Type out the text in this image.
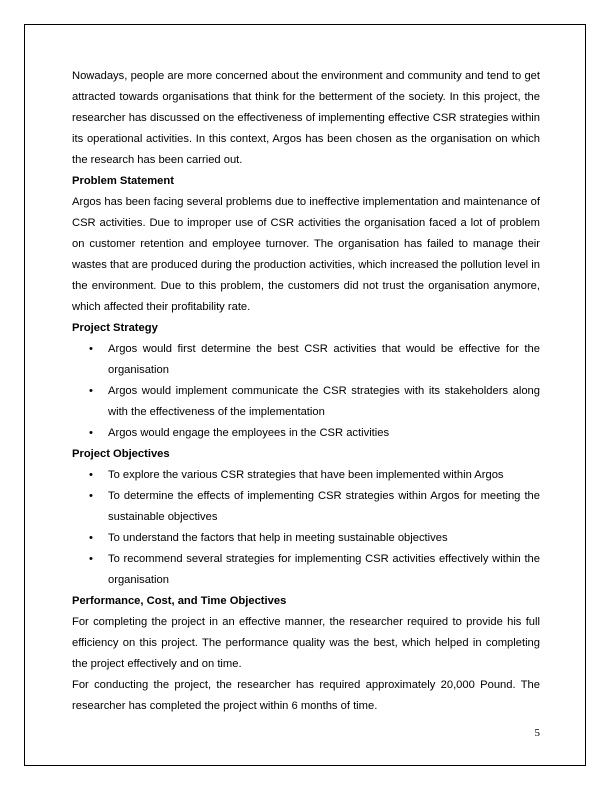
Nowadays, people are more concerned about the environment and community and tend to get attracted towards organisations that think for the betterment of the society. In this project, the researcher has discussed on the effectiveness of implementing effective CSR strategies within its operational activities. In this context, Argos has been chosen as the organisation on which the research has been carried out.

Problem Statement

Argos has been facing several problems due to ineffective implementation and maintenance of CSR activities. Due to improper use of CSR activities the organisation faced a lot of problem on customer retention and employee turnover. The organisation has failed to manage their wastes that are produced during the production activities, which increased the pollution level in the environment. Due to this problem, the customers did not trust the organisation anymore, which affected their profitability rate.

Project Strategy

• Argos would first determine the best CSR activities that would be effective for the organisation
• Argos would implement communicate the CSR strategies with its stakeholders along with the effectiveness of the implementation
• Argos would engage the employees in the CSR activities

Project Objectives

• To explore the various CSR strategies that have been implemented within Argos
• To determine the effects of implementing CSR strategies within Argos for meeting the sustainable objectives
• To understand the factors that help in meeting sustainable objectives
• To recommend several strategies for implementing CSR activities effectively within the organisation

Performance, Cost, and Time Objectives

For completing the project in an effective manner, the researcher required to provide his full efficiency on this project. The performance quality was the best, which helped in completing the project effectively and on time.

For conducting the project, the researcher has required approximately 20,000 Pound. The researcher has completed the project within 6 months of time.

5
